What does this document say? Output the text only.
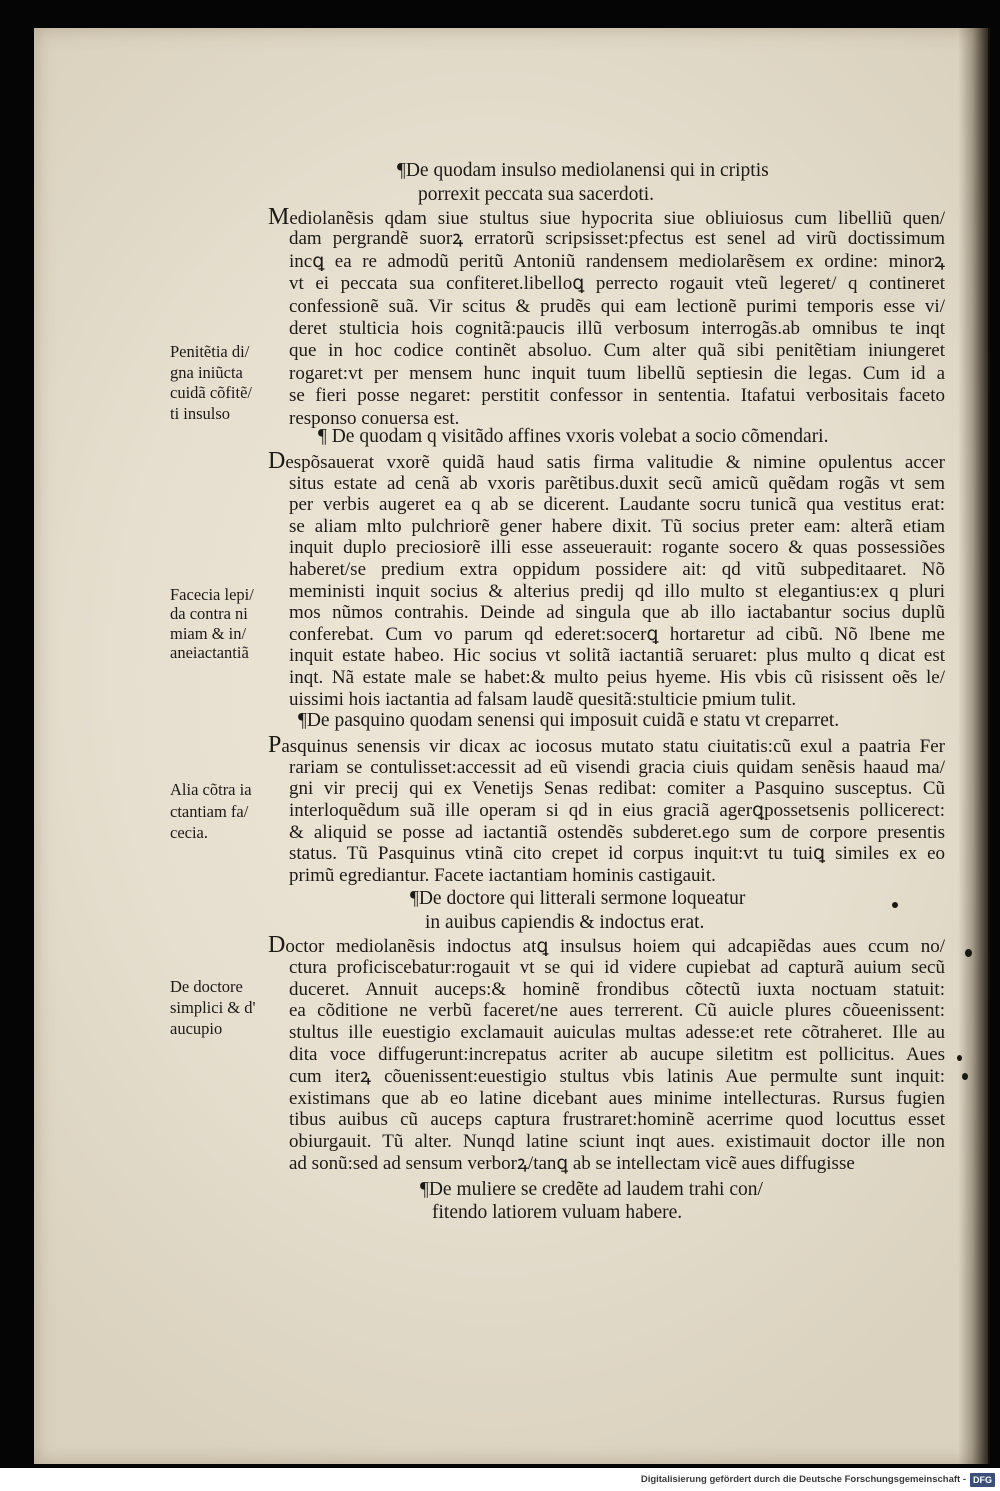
¶De quodam insulso mediolanensi qui in criptis
porrexit peccata sua sacerdoti.
Mediolanẽsis qdam siue stultus siue hypocrita siue obliuiosus cum libelliũ quen/
dam pergrandẽ suorꝝ erratorũ scripsisset:pfectus est senel ad virũ doctissimum
incꝗ ea re admodũ peritũ Antoniũ randensem mediolarẽsem ex ordine: minorꝝ
vt ei peccata sua confiteret.libelloꝗ perrecto rogauit vteũ legeret/ q contineret
confessionẽ suã. Vir scitus & prudẽs qui eam lectionẽ purimi temporis esse vi/
deret stulticia hois cognitã:paucis illũ verbosum interrogãs.ab omnibus te inqt
que in hoc codice continẽt absoluo. Cum alter quã sibi penitẽtiam iniungeret
rogaret:vt per mensem hunc inquit tuum libellũ septiesin die legas. Cum id a
se fieri posse negaret: perstitit confessor in sententia. Itafatui verbositais faceto
responso conuersa est.
Penitẽtia di/
gna iniũcta
cuidã cõfitẽ/
ti insulso
¶ De quodam q visitãdo affines vxoris volebat a socio cõmendari.
Despõsauerat vxorẽ quidã haud satis firma valitudie & nimine opulentus accer
situs estate ad cenã ab vxoris parẽtibus.duxit secũ amicũ quẽdam rogãs vt sem
per verbis augeret ea q ab se dicerent. Laudante socru tunicã qua vestitus erat:
se aliam mlto pulchriorẽ gener habere dixit. Tũ socius preter eam: alterã etiam
inquit duplo preciosiorẽ illi esse asseuerauit: rogante socero & quas possessiões
haberet/se predium extra oppidum possidere ait: qd vitũ subpeditaaret. Nõ
meministi inquit socius & alterius predij qd illo multo st elegantius:ex q pluri
mos nũmos contrahis. Deinde ad singula que ab illo iactabantur socius duplũ
conferebat. Cum vo parum qd ederet:socerꝗ hortaretur ad cibũ. Nõ lbene me
inquit estate habeo. Hic socius vt solitã iactantiã seruaret: plus multo q dicat est
inqt. Nã estate male se habet:& multo peius hyeme. His vbis cũ risissent oẽs le/
uissimi hois iactantia ad falsam laudẽ quesitã:stulticie pmium tulit.
Facecia lepi/
da contra ni
miam & in/
aneiactantiã
¶De pasquino quodam senensi qui imposuit cuidã e statu vt creparret.
Pasquinus senensis vir dicax ac iocosus mutato statu ciuitatis:cũ exul a paatria Fer
rariam se contulisset:accessit ad eũ visendi gracia ciuis quidam senẽsis haaud ma/
gni vir precij qui ex Venetijs Senas redibat: comiter a Pasquino susceptus. Cũ
interloquẽdum suã ille operam si qd in eius graciã agerꝗpossetsenis pollicerect:
& aliquid se posse ad iactantiã ostendẽs subderet.ego sum de corpore presentis
status. Tũ Pasquinus vtinã cito crepet id corpus inquit:vt tu tuiꝗ similes ex eo
primũ egrediantur. Facete iactantiam hominis castigauit.
Alia cõtra ia
ctantiam fa/
cecia.
¶De doctore qui litterali sermone loqueatur
in auibus capiendis & indoctus erat.
Doctor mediolanẽsis indoctus atꝗ insulsus hoiem qui adcapiẽdas aues ccum no/
ctura proficiscebatur:rogauit vt se qui id videre cupiebat ad capturã auium secũ
duceret. Annuit auceps:& hominẽ frondibus cõtectũ iuxta noctuam statuit:
ea cõditione ne verbũ faceret/ne aues terrerent. Cũ auicle plures cõueenissent:
stultus ille euestigio exclamauit auiculas multas adesse:et rete cõtraheret. Ille au
dita voce diffugerunt:increpatus acriter ab aucupe siletitm est pollicitus. Aues
cum iterꝝ cõuenissent:euestigio stultus vbis latinis Aue permulte sunt inquit:
existimans que ab eo latine dicebant aues minime intellecturas. Rursus fugien
tibus auibus cũ auceps captura frustraret:hominẽ acerrime quod locuttus esset
obiurgauit. Tũ alter. Nunqd latine sciunt inqt aues. existimauit doctor ille non
ad sonũ:sed ad sensum verborꝝ/tanꝗ ab se intellectam vicẽ aues diffugisse
De doctore
simplici & d'
aucupio
¶De muliere se credẽte ad laudem trahi con/
fitendo latiorem vuluam habere.
Digitalisierung gefördert durch die Deutsche Forschungsgemeinschaft - DFG
